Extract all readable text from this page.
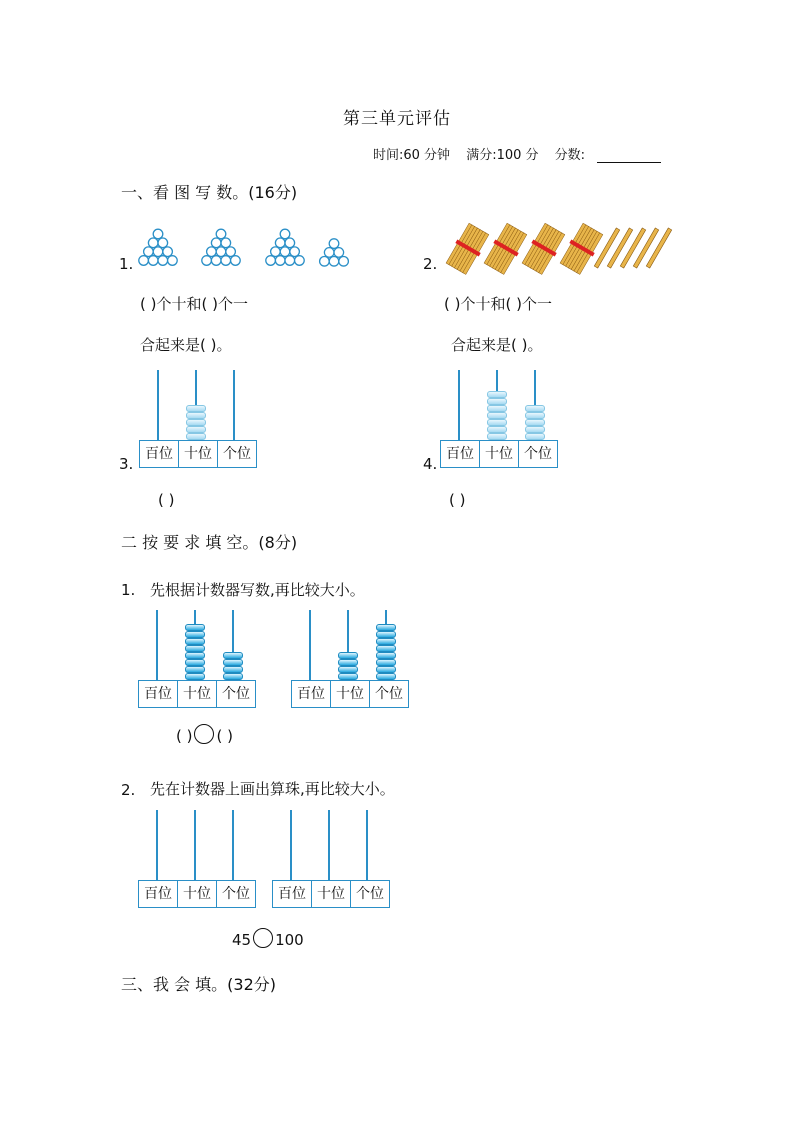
第三单元评估
时间:60 分钟 满分:100 分 分数:
一、看 图 写 数。(16分)
1.
( )个十和( )个一
合起来是( )。
2.
( )个十和( )个一
合起来是( )。
3.
百位 十位 个位
( )
4.
百位 十位 个位
( )
二 按 要 求 填 空。(8分)
1. 先根据计数器写数,再比较大小。
百位 十位 个位	百位 十位 个位
( ) ( )
2. 先在计数器上画出算珠,再比较大小。
百位 十位 个位	百位 十位 个位
45 100
三、我 会 填。(32分)
